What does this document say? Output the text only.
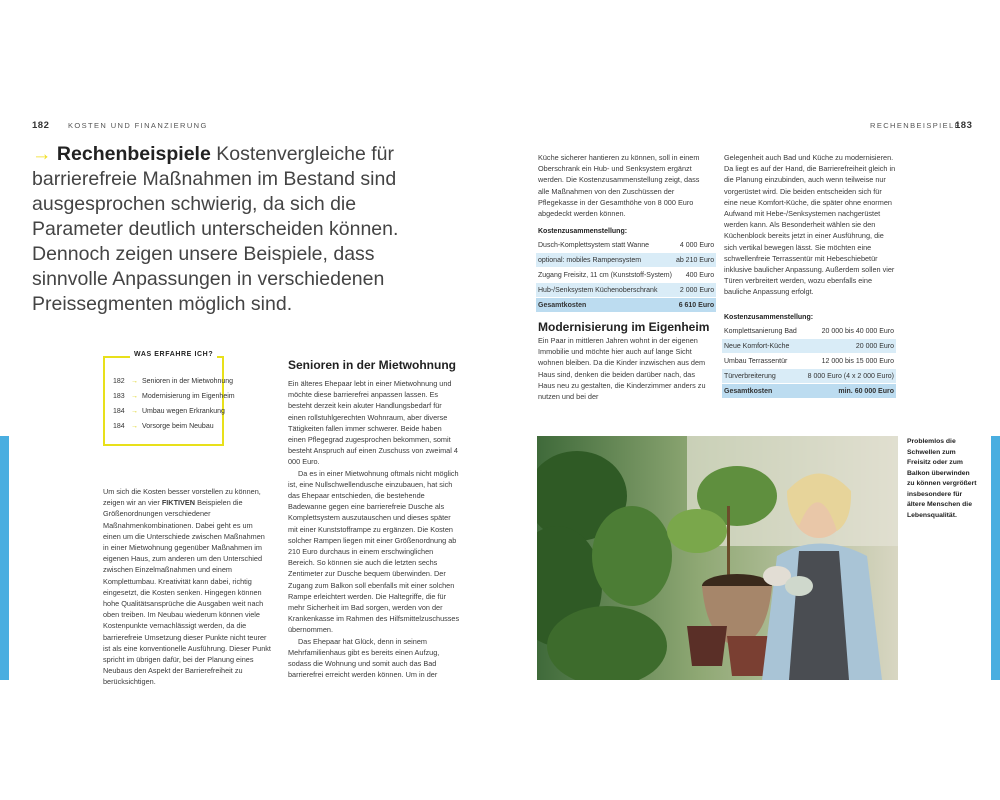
182 KOSTEN UND FINANZIERUNG	RECHENBEISPIELE
183
→ Rechenbeispiele Kostenvergleiche für barrierefreie Maßnahmen im Bestand sind ausgesprochen schwierig, da sich die Parameter deutlich unterscheiden können. Dennoch zeigen unsere Beispiele, dass sinnvolle Anpassungen in verschiedenen Preissegmenten möglich sind.
WAS ERFAHRE ICH?
182 → Senioren in der Mietwohnung
183 → Modernisierung im Eigenheim
184 → Umbau wegen Erkrankung
184 → Vorsorge beim Neubau

Um sich die Kosten besser vorstellen zu können, zeigen wir an vier FIKTIVEN Beispielen die Größenordnungen verschiedener Maßnahmenkombinationen. Dabei geht es um einen um die Unterschiede zwischen Maßnahmen in einer Mietwohnung gegenüber Maßnahmen im eigenen Haus, zum anderen um den Unterschied zwischen Einzelmaßnahmen und einem Komplettumbau. Kreativität kann dabei, richtig eingesetzt, die Kosten senken. Hingegen können hohe Qualitätsansprüche die Ausgaben weit nach oben treiben. Im Neubau wiederum können viele Kostenpunkte vernachlässigt werden, da die barrierefreie Umsetzung dieser Punkte nicht teurer ist als eine konventionelle Ausführung. Dieser Punkt spricht im übrigen dafür, bei der Planung eines Neubaus den Aspekt der Barrierefreiheit zu berücksichtigen.

Senioren in der Mietwohnung

Ein älteres Ehepaar lebt in einer Mietwohnung und möchte diese barrierefrei anpassen lassen. Es besteht derzeit kein akuter Handlungsbedarf für einen rollstuhlgerechten Wohnraum, aber diverse Tätigkeiten fallen immer schwerer. Beide haben einen Pflegegrad zugesprochen bekommen, somit besteht Anspruch auf einen Zuschuss von zweimal 4 000 Euro.

Da es in einer Mietwohnung oftmals nicht möglich ist, eine Nullschwellendusche einzubauen, hat sich das Ehepaar entschieden, die bestehende Badewanne gegen eine barrierefreie Dusche als Komplettsystem auszutauschen und dieses später mit einer Kunststofframpe zu ergänzen. Die Kosten solcher Rampen liegen mit einer Größenordnung ab 210 Euro durchaus in einem erschwinglichen Bereich. So können sie auch die letzten sechs Zentimeter zur Dusche bequem überwinden. Der Zugang zum Balkon soll ebenfalls mit einer solchen Rampe erleichtert werden. Die Haltegriffe, die für mehr Sicherheit im Bad sorgen, werden von der Krankenkasse im Rahmen des Hilfsmittelzuschusses übernommen.

Das Ehepaar hat Glück, denn in seinem Mehrfamilienhaus gibt es bereits einen Aufzug, sodass die Wohnung und somit auch das Bad barrierefrei erreicht werden können. Um in der

Küche sicherer hantieren zu können, soll in einem Oberschrank ein Hub- und Senksystem ergänzt werden. Die Kostenzusammenstellung zeigt, dass alle Maßnahmen von den Zuschüssen der Pflegekasse in der Gesamthöhe von 8 000 Euro abgedeckt werden können.

Kostenzusammenstellung:
Dusch-Komplettsystem statt Wanne	4 000 Euro
optional: mobiles Rampensystem	ab 210 Euro
Zugang Freisitz, 11 cm (Kunststoff-System)	400 Euro
Hub-/Senksystem Küchenoberschrank	2 000 Euro
Gesamtkosten	6 610 Euro
Modernisierung im Eigenheim

Ein Paar in mittleren Jahren wohnt in der eigenen Immobilie und möchte hier auch auf lange Sicht wohnen bleiben. Da die Kinder inzwischen aus dem Haus sind, denken die beiden darüber nach, das Haus neu zu gestalten, die Kinderzimmer anders zu nutzen und bei der

Gelegenheit auch Bad und Küche zu modernisieren. Da liegt es auf der Hand, die Barrierefreiheit gleich in die Planung einzubinden, auch wenn teilweise nur vorgerüstet wird. Die beiden entscheiden sich für eine neue Komfort-Küche, die später ohne enormen Aufwand mit Hebe-/Senksystemen nachgerüstet werden kann. Als Besonderheit wählen sie den Küchenblock bereits jetzt in einer Ausführung, die sich vertikal bewegen lässt. Sie möchten eine schwellenfreie Terrassentür mit Hebeschiebetür inklusive baulicher Anpassung. Außerdem sollen vier Türen verbreitert werden, wozu ebenfalls eine bauliche Anpassung erfolgt.

Kostenzusammenstellung:
Komplettsanierung Bad	20 000 bis 40 000 Euro
Neue Komfort-Küche	20 000 Euro
Umbau Terrassentür	12 000 bis 15 000 Euro
Türverbreiterung	8 000 Euro (4 x 2 000 Euro)
Gesamtkosten	min. 60 000 Euro
Problemlos die Schwellen zum Freisitz oder zum Balkon überwinden zu können vergrößert insbesondere für ältere Menschen die Lebensqualität.
